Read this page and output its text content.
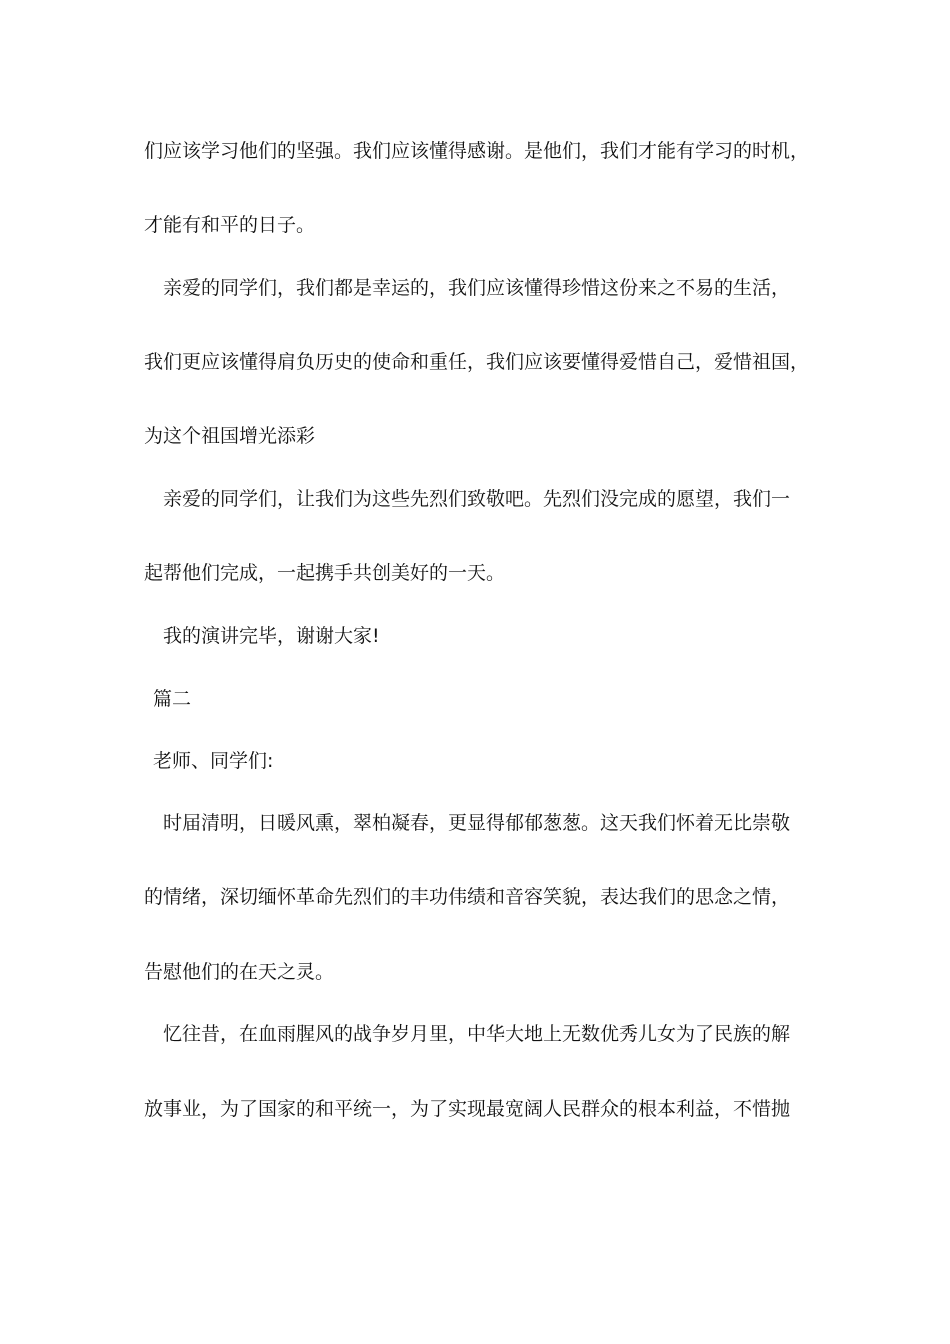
们应该学习他们的坚强。我们应该懂得感谢。是他们，我们才能有学习的时机，
才能有和平的日子。
亲爱的同学们，我们都是幸运的，我们应该懂得珍惜这份来之不易的生活，
我们更应该懂得肩负历史的使命和重任，我们应该要懂得爱惜自己，爱惜祖国，
为这个祖国增光添彩
亲爱的同学们，让我们为这些先烈们致敬吧。先烈们没完成的愿望，我们一
起帮他们完成，一起携手共创美好的一天。
我的演讲完毕，谢谢大家!
篇二
老师、同学们:
时届清明，日暖风熏，翠柏凝春，更显得郁郁葱葱。这天我们怀着无比崇敬
的情绪，深切缅怀革命先烈们的丰功伟绩和音容笑貌，表达我们的思念之情，
告慰他们的在天之灵。
忆往昔，在血雨腥风的战争岁月里，中华大地上无数优秀儿女为了民族的解
放事业，为了国家的和平统一，为了实现最宽阔人民群众的根本利益，不惜抛
